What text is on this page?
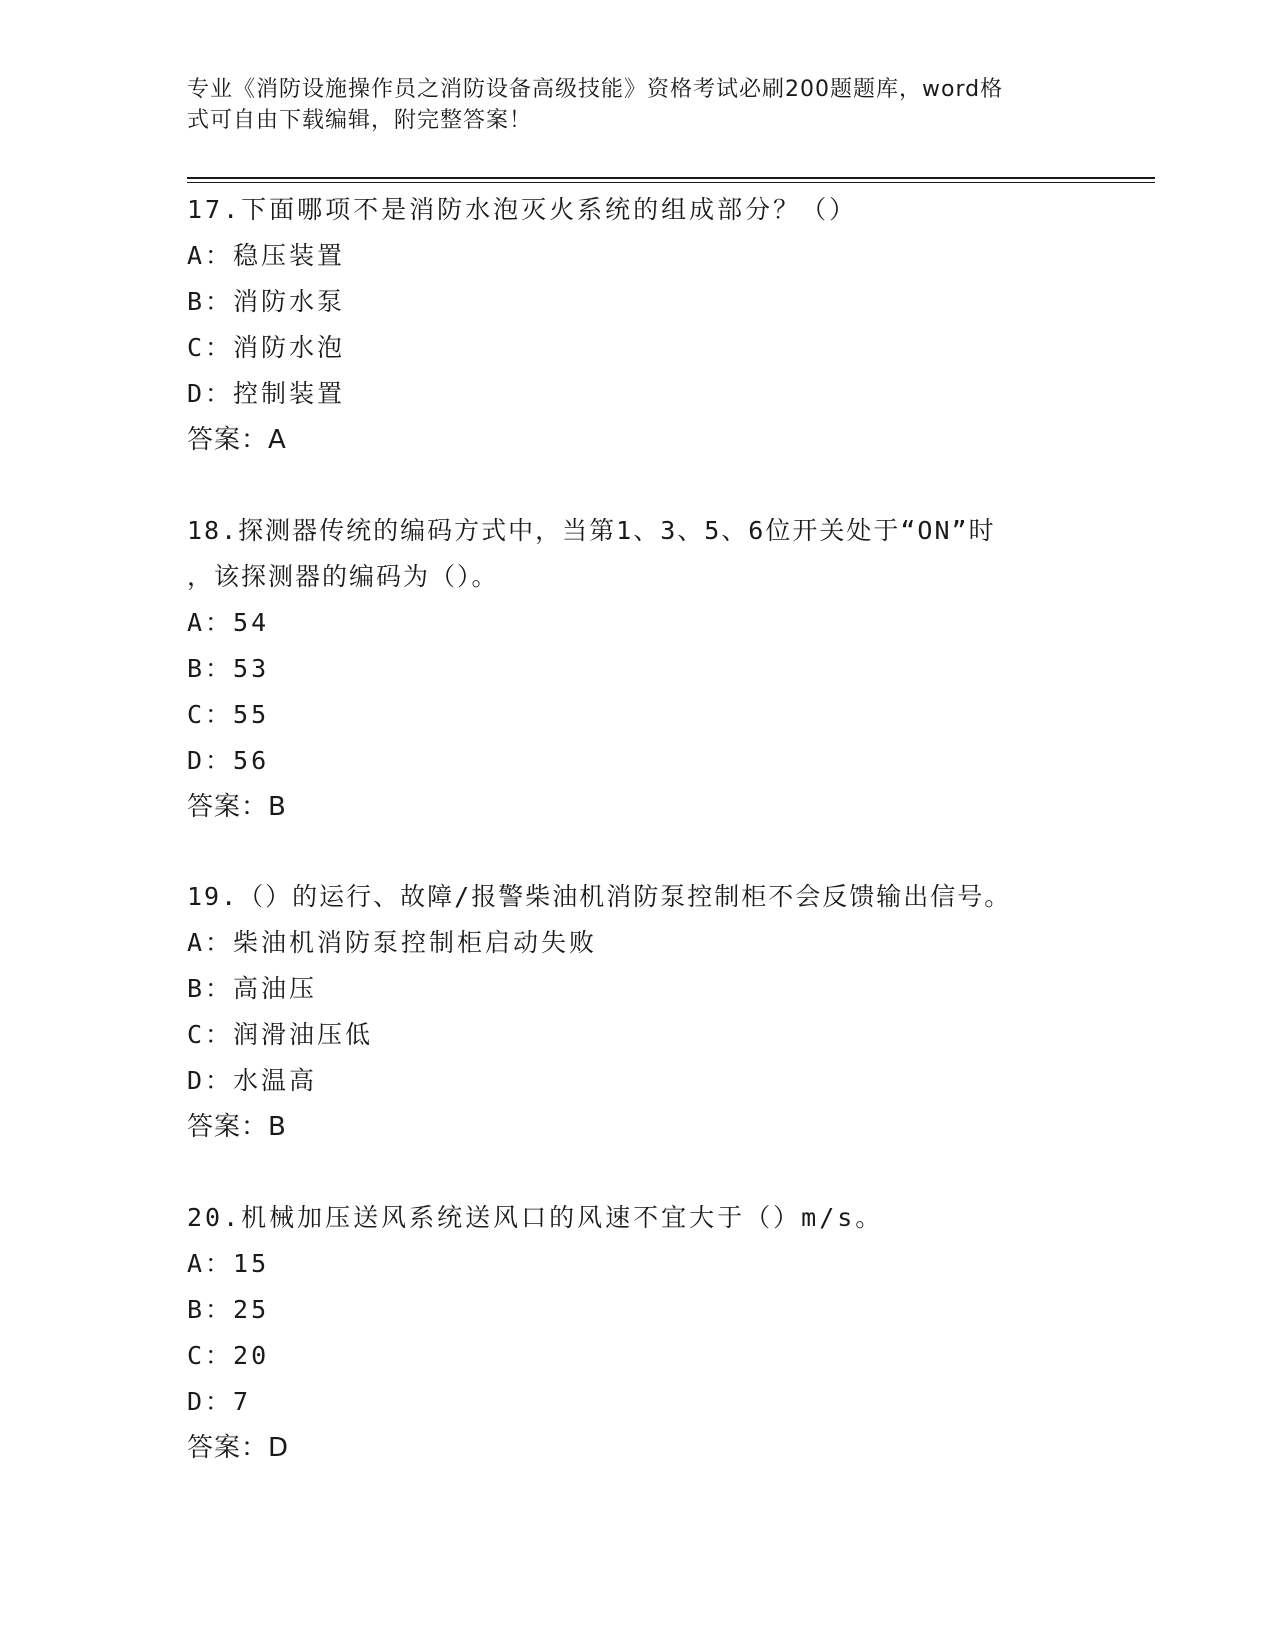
专业《消防设施操作员之消防设备高级技能》资格考试必刷200题题库，word格
式可自由下载编辑，附完整答案！
17.下面哪项不是消防水泡灭火系统的组成部分？（）
A：稳压装置
B：消防水泵
C：消防水泡
D：控制装置
答案：A
18.探测器传统的编码方式中，当第1、3、5、6位开关处于“ON”时
，该探测器的编码为（）。
A：54
B：53
C：55
D：56
答案：B
19.（）的运行、故障/报警柴油机消防泵控制柜不会反馈输出信号。
A：柴油机消防泵控制柜启动失败
B：高油压
C：润滑油压低
D：水温高
答案：B
20.机械加压送风系统送风口的风速不宜大于（）m/s。
A：15
B：25
C：20
D：7
答案：D
